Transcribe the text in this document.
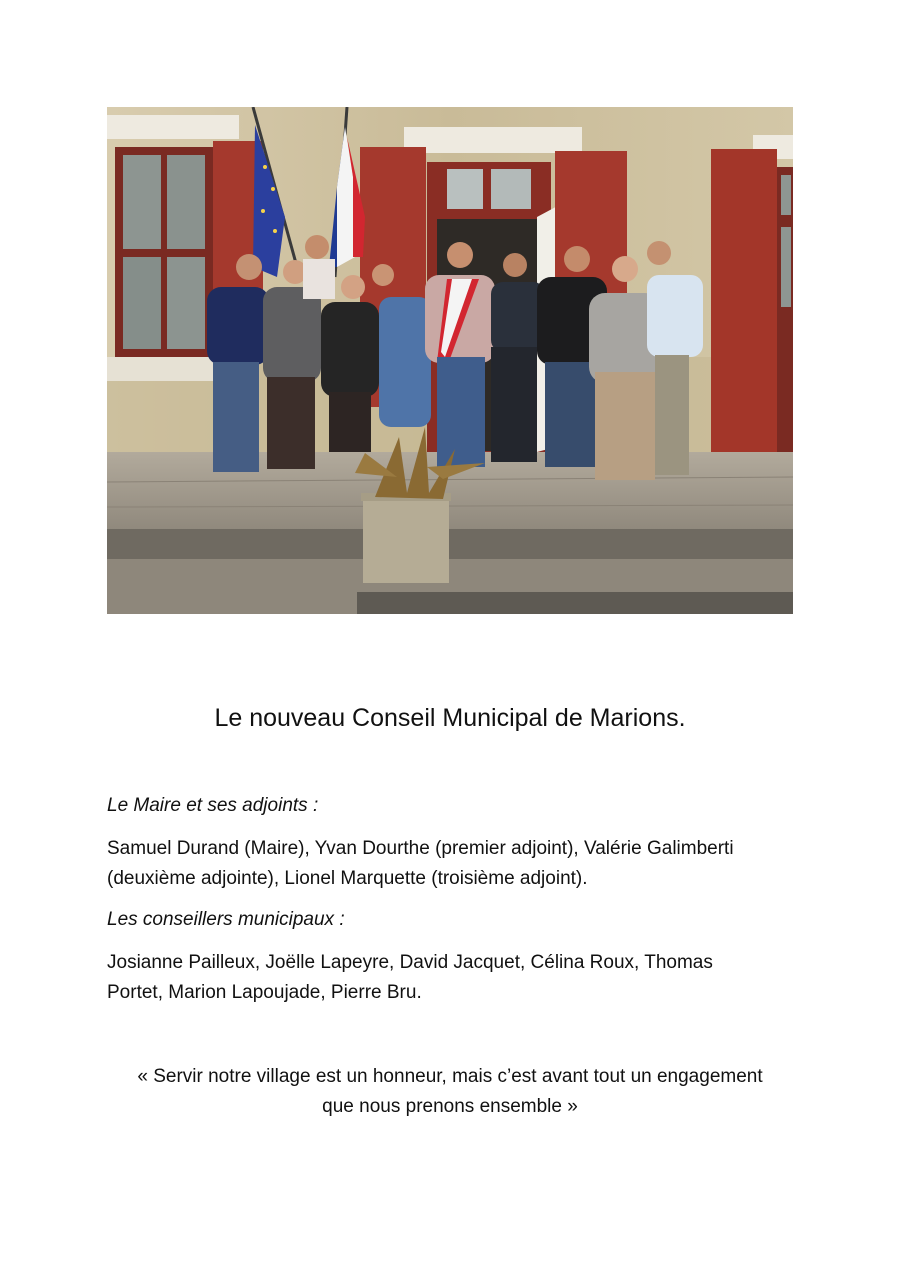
Le nouveau Conseil Municipal de Marions.

Le Maire et ses adjoints :

Samuel Durand (Maire), Yvan Dourthe (premier adjoint), Valérie Galimberti
(deuxième adjointe), Lionel Marquette (troisième adjoint).

Les conseillers municipaux :

Josianne Pailleux, Joëlle Lapeyre, David Jacquet, Célina Roux, Thomas
Portet, Marion Lapoujade, Pierre Bru.

« Servir notre village est un honneur, mais c’est avant tout un engagement
que nous prenons ensemble »
